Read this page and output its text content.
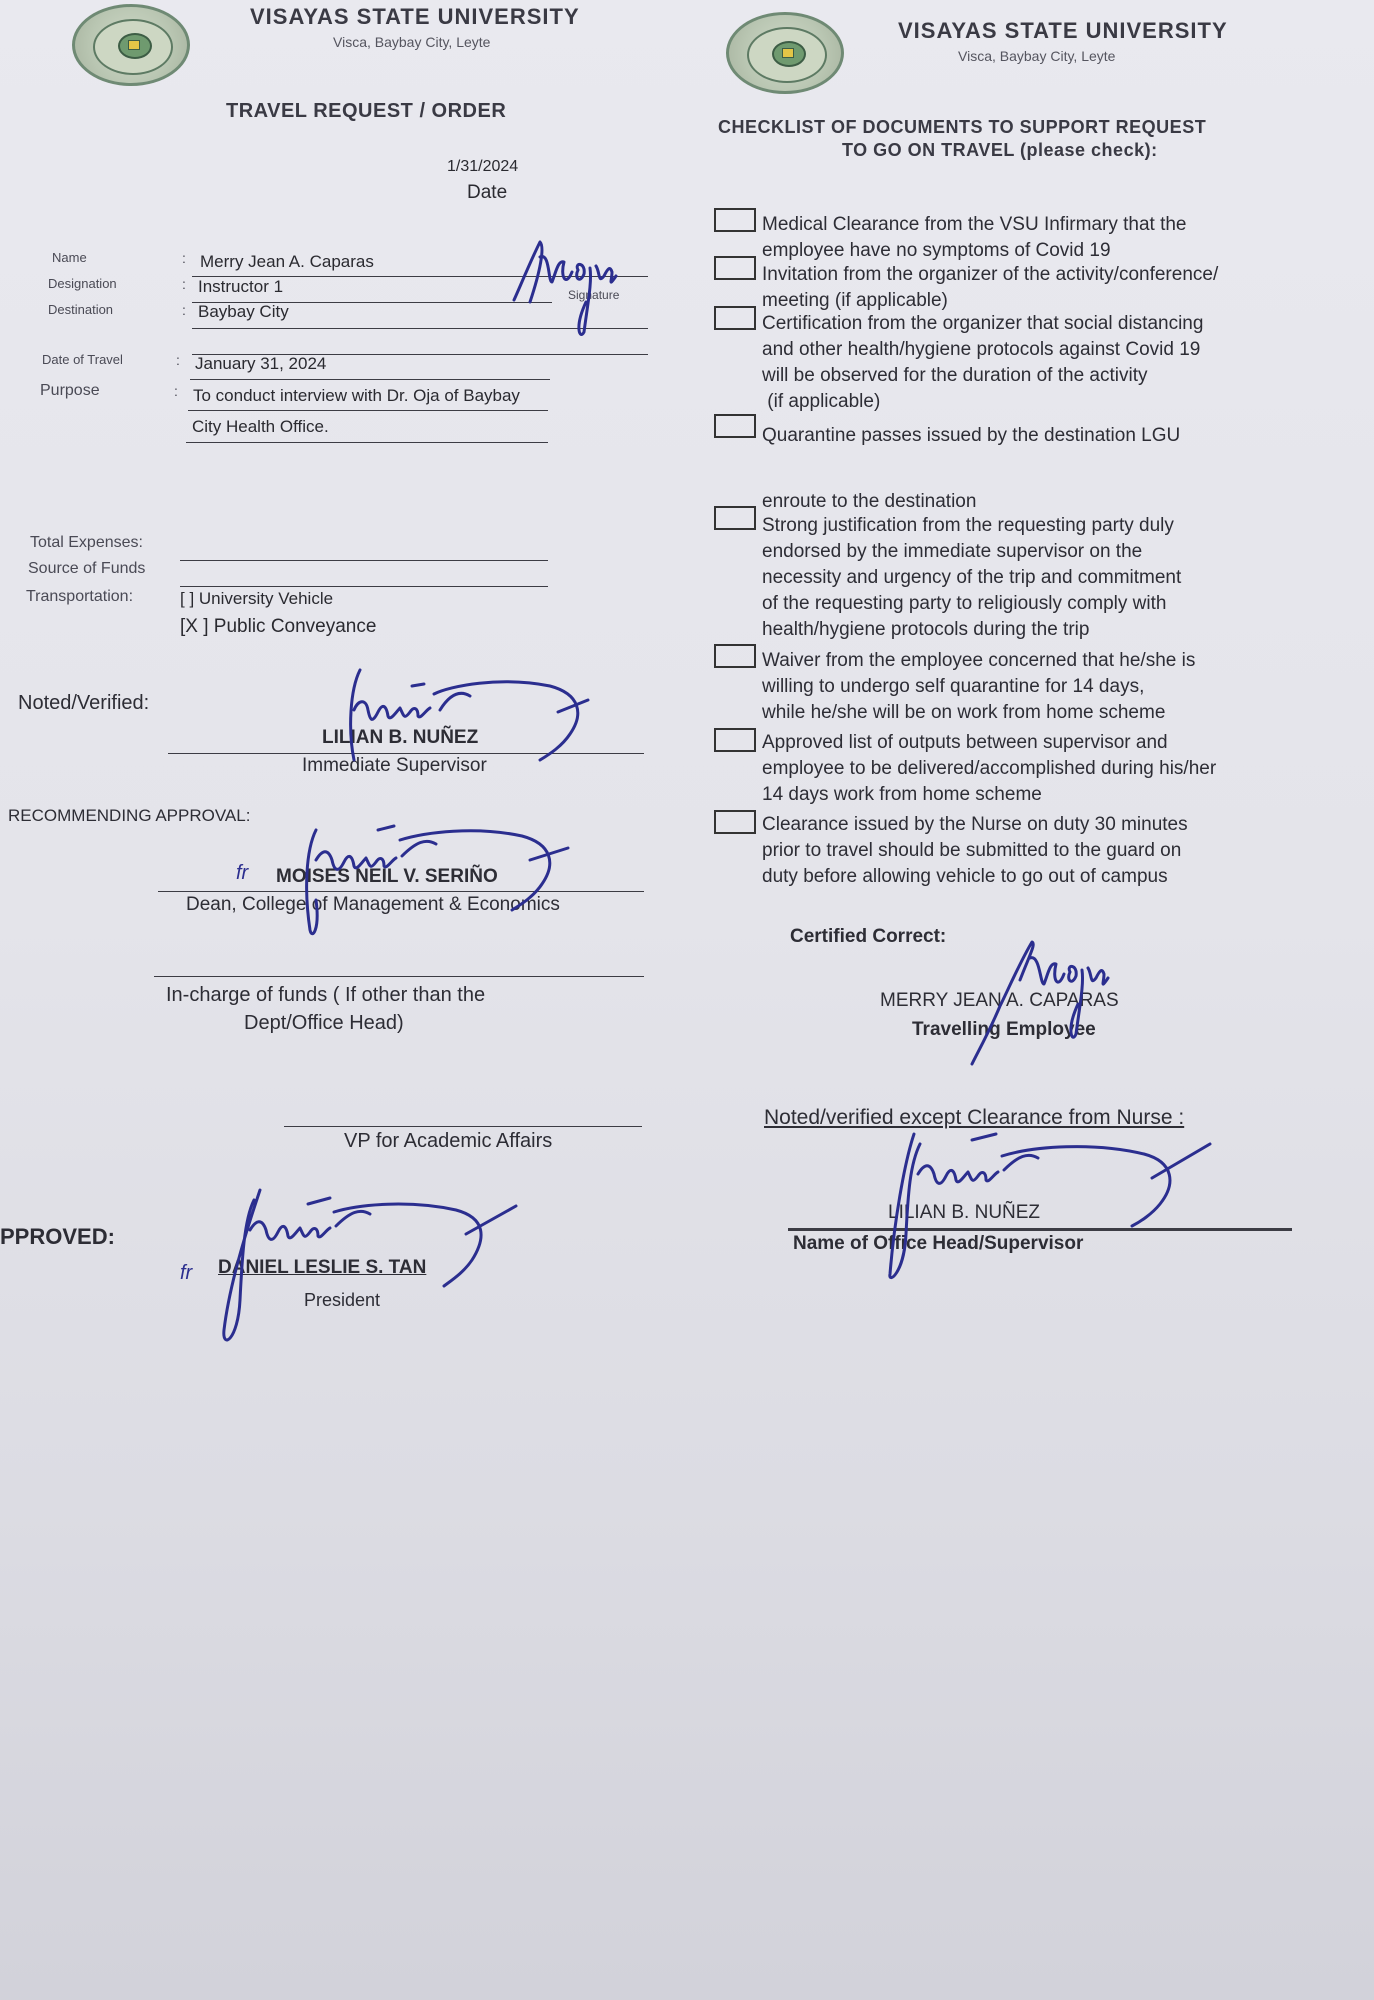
VISAYAS STATE UNIVERSITY
Visca, Baybay City, Leyte
TRAVEL REQUEST / ORDER
1/31/2024
Date
Name	: Merry Jean A. Caparas
Designation	: Instructor 1	Signature
Destination	: Baybay City
Date of Travel	: January 31, 2024
Purpose	: To conduct interview with Dr. Oja of Baybay
City Health Office.
Total Expenses:
Source of Funds
Transportation:	[ ] University Vehicle
[X ] Public Conveyance
Noted/Verified:
LILIAN B. NUÑEZ
Immediate Supervisor
RECOMMENDING APPROVAL:
fr MOISES NEIL V. SERIÑO
Dean, College of Management & Economics
In-charge of funds ( If other than the
Dept/Office Head)
VP for Academic Affairs
PPROVED:
fr DANIEL LESLIE S. TAN
President
VISAYAS STATE UNIVERSITY
Visca, Baybay City, Leyte
CHECKLIST OF DOCUMENTS TO SUPPORT REQUEST
TO GO ON TRAVEL (please check):
Medical Clearance from the VSU Infirmary that the
employee have no symptoms of Covid 19
Invitation from the organizer of the activity/conference/
meeting (if applicable)
Certification from the organizer that social distancing
and other health/hygiene protocols against Covid 19
will be observed for the duration of the activity
(if applicable)
Quarantine passes issued by the destination LGU
enroute to the destination
Strong justification from the requesting party duly
endorsed by the immediate supervisor on the
necessity and urgency of the trip and commitment
of the requesting party to religiously comply with
health/hygiene protocols during the trip
Waiver from the employee concerned that he/she is
willing to undergo self quarantine for 14 days,
while he/she will be on work from home scheme
Approved list of outputs between supervisor and
employee to be delivered/accomplished during his/her
14 days work from home scheme
Clearance issued by the Nurse on duty 30 minutes
prior to travel should be submitted to the guard on
duty before allowing vehicle to go out of campus
Certified Correct:
MERRY JEAN A. CAPARAS
Travelling Employee
Noted/verified except Clearance from Nurse :
LILIAN B. NUÑEZ
Name of Office Head/Supervisor
